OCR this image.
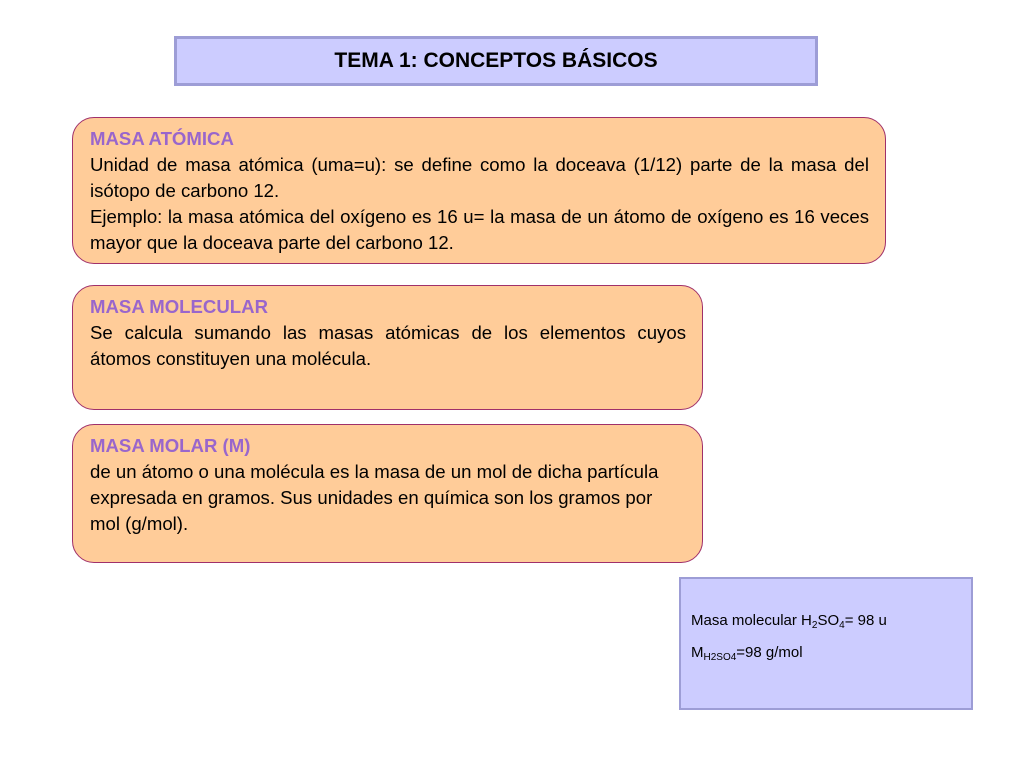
TEMA 1: CONCEPTOS BÁSICOS
MASA ATÓMICA

Unidad de masa atómica (uma=u): se define como la doceava (1/12) parte de la masa del isótopo de carbono 12.

Ejemplo: la masa atómica del oxígeno es 16 u= la masa de un átomo de oxígeno es 16 veces mayor que la doceava parte del carbono 12.

MASA MOLECULAR

Se calcula sumando las masas atómicas de los elementos cuyos átomos constituyen una molécula.

MASA MOLAR (M)

de un átomo o una molécula es la masa de un mol de dicha partícula expresada en gramos. Sus unidades en química son los gramos por mol (g/mol).

Masa molecular $H_2SO_4= 98$ u
$M_{H2SO4}=98$ g/mol
